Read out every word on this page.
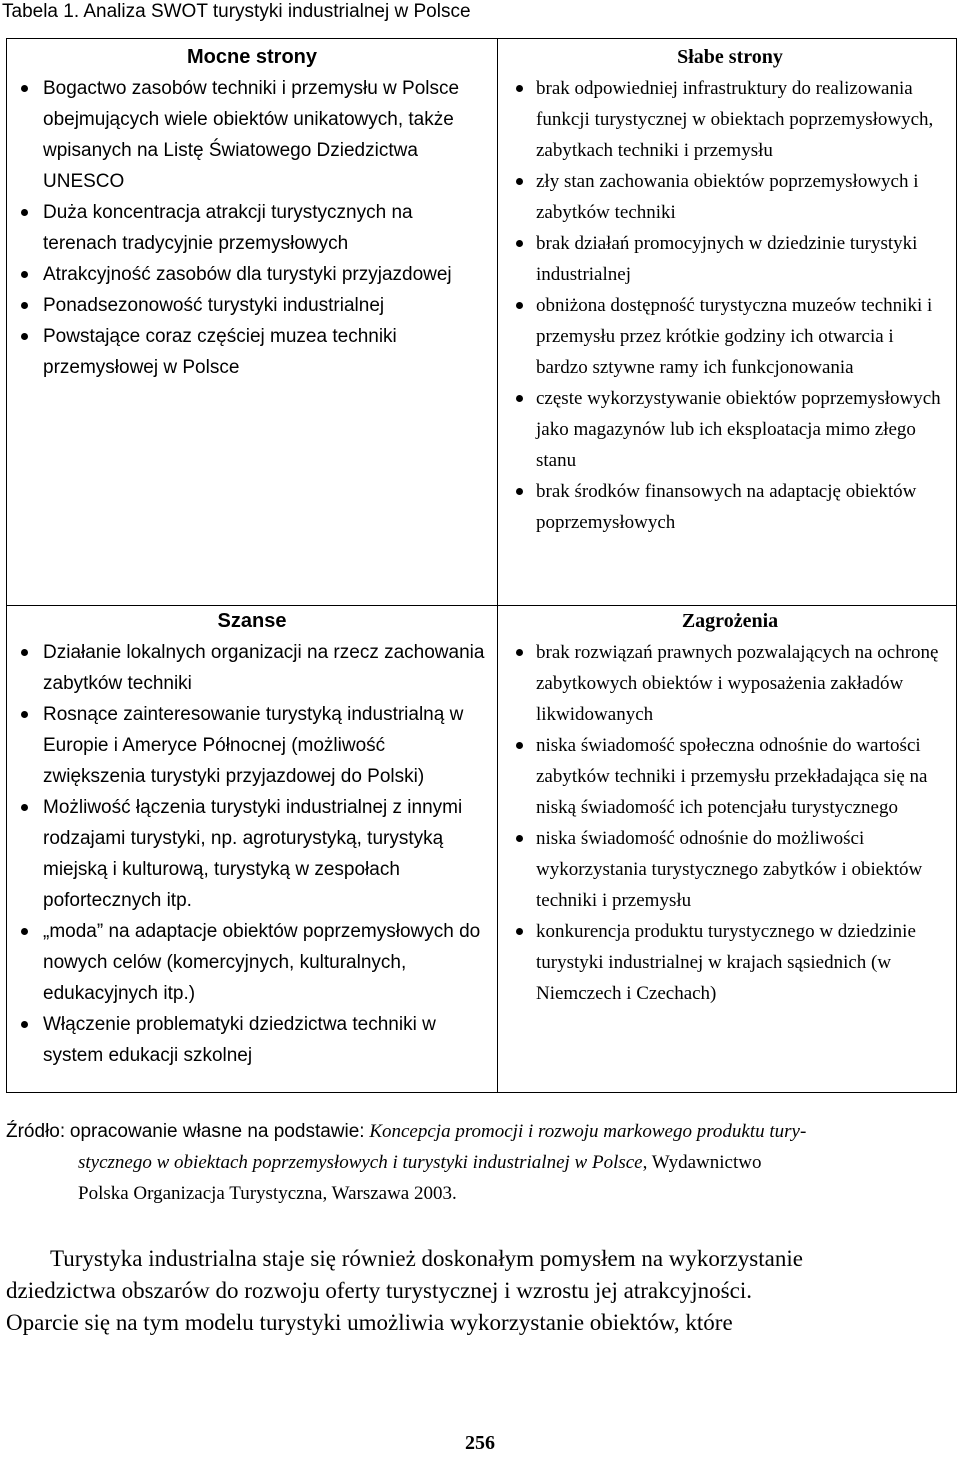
Tabela 1. Analiza SWOT turystyki industrialnej w Polsce
Mocne strony
Bogactwo zasobów techniki i przemysłu w Polsce obejmujących wiele obiektów unikatowych, także wpisanych na Listę Światowego Dziedzictwa UNESCO
Duża koncentracja atrakcji turystycznych na terenach tradycyjnie przemysłowych
Atrakcyjność zasobów dla turystyki przyjazdowej
Ponadsezonowość turystyki industrialnej
Powstające coraz częściej muzea techniki przemysłowej w Polsce
Słabe strony
brak odpowiedniej infrastruktury do realizowania funkcji turystycznej w obiektach poprzemysłowych, zabytkach techniki i przemysłu
zły stan zachowania obiektów poprzemysłowych i zabytków techniki
brak działań promocyjnych w dziedzinie turystyki industrialnej
obniżona dostępność turystyczna muzeów techniki i przemysłu przez krótkie godziny ich otwarcia i bardzo sztywne ramy ich funkcjonowania
częste wykorzystywanie obiektów poprzemysłowych jako magazynów lub ich eksploatacja mimo złego stanu
brak środków finansowych na adaptację obiektów poprzemysłowych
Szanse
Działanie lokalnych organizacji na rzecz zachowania zabytków techniki
Rosnące zainteresowanie turystyką industrialną w Europie i Ameryce Północnej (możliwość zwiększenia turystyki przyjazdowej do Polski)
Możliwość łączenia turystyki industrialnej z innymi rodzajami turystyki, np. agroturystyką, turystyką miejską i kulturową, turystyką w zespołach pofortecznych itp.
„moda” na adaptacje obiektów poprzemysłowych do nowych celów (komercyjnych, kulturalnych, edukacyjnych itp.)
Włączenie problematyki dziedzictwa techniki w system edukacji szkolnej
Zagrożenia
brak rozwiązań prawnych pozwalających na ochronę zabytkowych obiektów i wyposażenia zakładów likwidowanych
niska świadomość społeczna odnośnie do wartości zabytków techniki i przemysłu przekładająca się na niską świadomość ich potencjału turystycznego
niska świadomość odnośnie do możliwości wykorzystania turystycznego zabytków i obiektów techniki i przemysłu
konkurencja produktu turystycznego w dziedzinie turystyki industrialnej w krajach sąsiednich (w Niemczech i Czechach)
Źródło: opracowanie własne na podstawie: Koncepcja promocji i rozwoju markowego produktu tury-
stycznego w obiektach poprzemysłowych i turystyki industrialnej w Polsce, Wydawnictwo
Polska Organizacja Turystyczna, Warszawa 2003.
Turystyka industrialna staje się również doskonałym pomysłem na wykorzystanie
dziedzictwa obszarów do rozwoju oferty turystycznej i wzrostu jej atrakcyjności.
Oparcie się na tym modelu turystyki umożliwia wykorzystanie obiektów, które
256
